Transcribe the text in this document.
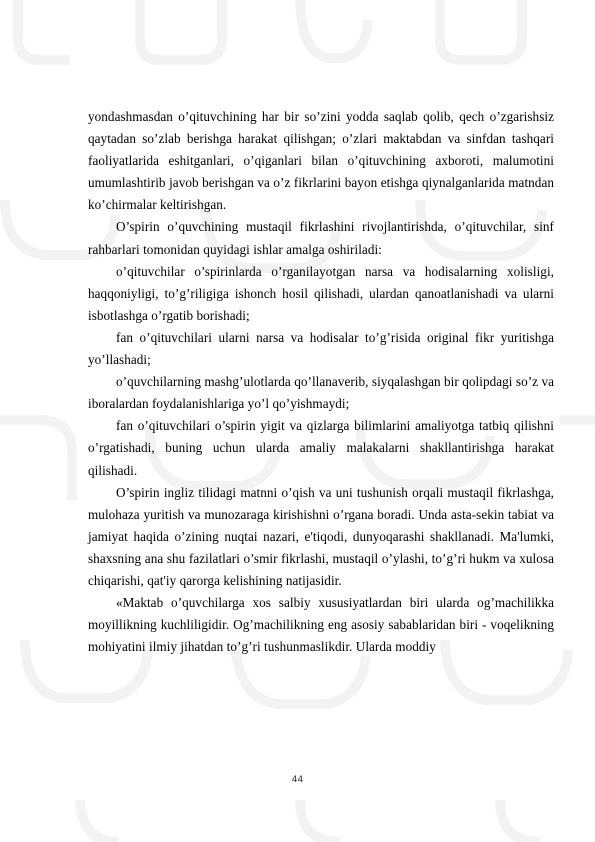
yondashmasdan o’qituvchining har bir so’zini yodda saqlab qolib, qech o’zgarishsiz qaytadan so’zlab berishga harakat qilishgan; o’zlari maktabdan va sinfdan tashqari faoliyatlarida eshitganlari, o’qiganlari bilan o’qituvchining axboroti, malumotini umumlashtirib javob berishgan va o’z fikrlarini bayon etishga qiynalganlarida matndan ko’chirmalar keltirishgan.

O’spirin o’quvchining mustaqil fikrlashini rivojlantirishda, o’qituvchilar, sinf rahbarlari tomonidan quyidagi ishlar amalga oshiriladi:

o’qituvchilar o’spirinlarda o’rganilayotgan narsa va hodisalarning xolisligi, haqqoniyligi, to’g’riligiga ishonch hosil qilishadi, ulardan qanoatlanishadi va ularni isbotlashga o’rgatib borishadi;

fan o’qituvchilari ularni narsa va hodisalar to’g’risida original fikr yuritishga yo’llashadi;

o’quvchilarning mashg’ulotlarda qo’llanaverib, siyqalashgan bir qolipdagi so’z va iboralardan foydalanishlariga yo’l qo’yishmaydi;

fan o’qituvchilari o’spirin yigit va qizlarga bilimlarini amaliyotga tatbiq qilishni o’rgatishadi, buning uchun ularda amaliy malakalarni shakllantirishga harakat qilishadi.

O’spirin ingliz tilidagi matnni o’qish va uni tushunish orqali mustaqil fikrlashga, mulohaza yuritish va munozaraga kirishishni o’rgana boradi. Unda asta-sekin tabiat va jamiyat haqida o’zining nuqtai nazari, e'tiqodi, dunyoqarashi shakllanadi. Ma'lumki, shaxsning ana shu fazilatlari o’smir fikrlashi, mustaqil o’ylashi, to’g’ri hukm va xulosa chiqarishi, qat'iy qarorga kelishining natijasidir.

«Maktab o’quvchilarga xos salbiy xususiyatlardan biri ularda og’machilikka moyillikning kuchliligidir. Og’machilikning eng asosiy sabablaridan biri - voqelikning mohiyatini ilmiy jihatdan to’g’ri tushunmaslikdir. Ularda moddiy

44
